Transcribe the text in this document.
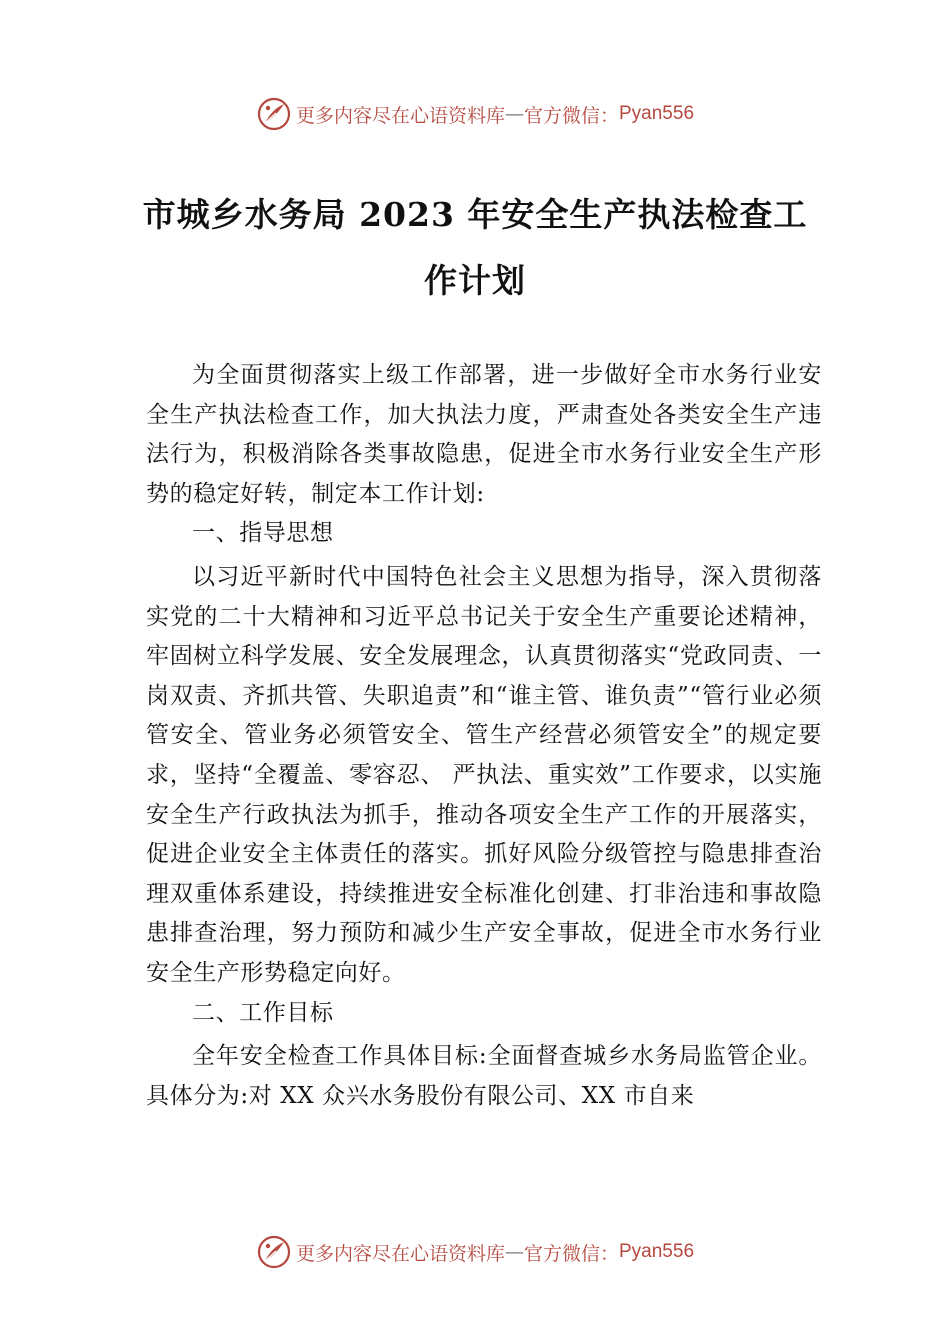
更多内容尽在心语资料库 — 官方微信： Pyan556
市城乡水务局 2023 年安全生产执法检查工
作计划

为全面贯彻落实上级工作部署，进一步做好全市水务行业安全生产执法检查工作，加大执法力度，严肃查处各类安全生产违法行为，积极消除各类事故隐患，促进全市水务行业安全生产形势的稳定好转，制定本工作计划:

一、指导思想

以习近平新时代中国特色社会主义思想为指导，深入贯彻落实党的二十大精神和习近平总书记关于安全生产重要论述精神，牢固树立科学发展、安全发展理念，认真贯彻落实“党政同责、一岗双责、齐抓共管、失职追责”和“谁主管、谁负责”“管行业必须管安全、管业务必须管安全、管生产经营必须管安全”的规定要求，坚持“全覆盖、零容忍、 严执法、重实效”工作要求，以实施安全生产行政执法为抓手，推动各项安全生产工作的开展落实，促进企业安全主体责任的落实。抓好风险分级管控与隐患排查治理双重体系建设，持续推进安全标准化创建、打非治违和事故隐患排查治理，努力预防和减少生产安全事故，促进全市水务行业安全生产形势稳定向好。

二、工作目标

全年安全检查工作具体目标:全面督查城乡水务局监管企业。具体分为:对 XX 众兴水务股份有限公司、XX 市自来

更多内容尽在心语资料库 — 官方微信： Pyan556
